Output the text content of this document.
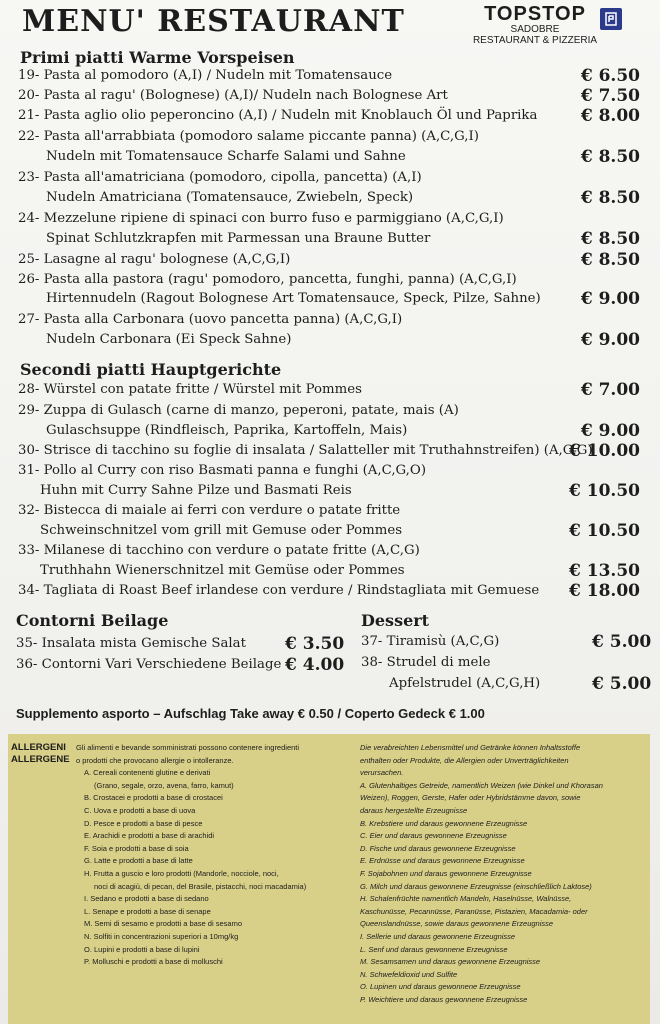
MENU' RESTAURANT	TOPSTOP
SADOBRE
RESTAURANT & PIZZERIA
Primi piatti Warme Vorspeisen
19- Pasta al pomodoro (A,I) / Nudeln mit Tomatensauce	€ 6.50
20- Pasta al ragu' (Bolognese) (A,I)/ Nudeln nach Bolognese Art	€ 7.50
21- Pasta aglio olio peperoncino (A,I) / Nudeln mit Knoblauch Öl und Paprika	€ 8.00
22- Pasta all'arrabbiata (pomodoro salame piccante panna) (A,C,G,I)
Nudeln mit Tomatensauce Scharfe Salami und Sahne	€ 8.50
23- Pasta all'amatriciana (pomodoro, cipolla, pancetta) (A,I)
Nudeln Amatriciana (Tomatensauce, Zwiebeln, Speck)	€ 8.50
24- Mezzelune ripiene di spinaci con burro fuso e parmiggiano (A,C,G,I)
Spinat Schlutzkrapfen mit Parmessan una Braune Butter	€ 8.50
25- Lasagne al ragu' bolognese (A,C,G,I)	€ 8.50
26- Pasta alla pastora (ragu' pomodoro, pancetta, funghi, panna) (A,C,G,I)
Hirtennudeln (Ragout Bolognese Art Tomatensauce, Speck, Pilze, Sahne) € 9.00
27- Pasta alla Carbonara (uovo pancetta panna) (A,C,G,I)
Nudeln Carbonara (Ei Speck Sahne)	€ 9.00
Secondi piatti Hauptgerichte
28- Würstel con patate fritte / Würstel mit Pommes	€ 7.00
29- Zuppa di Gulasch (carne di manzo, peperoni, patate, mais (A)
Gulaschsuppe (Rindfleisch, Paprika, Kartoffeln, Mais)	€ 9.00
30- Strisce di tacchino su foglie di insalata / Salatteller mit Truthahnstreifen) (A,C,G)
€ 10.00
31- Pollo al Curry con riso Basmati panna e funghi (A,C,G,O)
Huhn mit Curry Sahne Pilze und Basmati Reis	€ 10.50
32- Bistecca di maiale ai ferri con verdure o patate fritte
Schweinschnitzel vom grill mit Gemuse oder Pommes	€ 10.50
33- Milanese di tacchino con verdure o patate fritte (A,C,G)
Truthhahn Wienerschnitzel mit Gemüse oder Pommes	€ 13.50
34- Tagliata di Roast Beef irlandese con verdure / Rindstagliata mit Gemuese € 18.00
Contorni Beilage
35- Insalata mista Gemische Salat € 3.50
36- Contorni Vari Verschiedene Beilage € 4.00
Dessert
37- Tiramisù (A,C,G)	€ 5.00
38- Strudel di mele
Apfelstrudel (A,C,G,H)	€ 5.00
Supplemento asporto – Aufschlag Take away € 0.50 / Coperto Gedeck € 1.00
ALLERGENI
ALLERGENE
Gli alimenti e bevande somministrati possono contenere ingredienti
o prodotti che provocano allergie o intolleranze.
A. Cereali contenenti glutine e derivati
(Grano, segale, orzo, avena, farro, kamut)
B. Crostacei e prodotti a base di crostacei
C. Uova e prodotti a base di uova
D. Pesce e prodotti a base di pesce
E. Arachidi e prodotti a base di arachidi
F. Soia e prodotti a base di soia
G. Latte e prodotti a base di latte
H. Frutta a guscio e loro prodotti (Mandorle, nocciole, noci,
noci di acagiù, di pecan, del Brasile, pistacchi, noci macadamia)
I. Sedano e prodotti a base di sedano
L. Senape e prodotti a base di senape
M. Semi di sesamo e prodotti a base di sesamo
N. Solfiti in concentrazioni superiori a 10mg/kg
O. Lupini e prodotti a base di lupini
P. Molluschi e prodotti a base di molluschi
Die verabreichten Lebensmittel und Getränke können Inhaltsstoffe
enthalten oder Produkte, die Allergien oder Unverträglichkeiten
verursachen.
A. Glutenhaltiges Getreide, namentlich Weizen (wie Dinkel und Khorasan
Weizen), Roggen, Gerste, Hafer oder Hybridstämme davon, sowie
daraus hergestellte Erzeugnisse
B. Krebstiere und daraus gewonnene Erzeugnisse
C. Eier und daraus gewonnene Erzeugnisse
D. Fische und daraus gewonnene Erzeugnisse
E. Erdnüsse und daraus gewonnene Erzeugnisse
F. Sojabohnen und daraus gewonnene Erzeugnisse
G. Milch und daraus gewonnene Erzeugnisse (einschließlich Laktose)
H. Schalenfrüchte namentlich Mandeln, Haselnüsse, Walnüsse,
Kaschunüsse, Pecannüsse, Paranüsse, Pistazien, Macadamia- oder
Queenslandnüsse, sowie daraus gewonnene Erzeugnisse
I. Sellerie und daraus gewonnene Erzeugnisse
L. Senf und daraus gewonnene Erzeugnisse
M. Sesamsamen und daraus gewonnene Erzeugnisse
N. Schwefeldioxid und Sulfite
O. Lupinen und daraus gewonnene Erzeugnisse
P. Weichtiere und daraus gewonnene Erzeugnisse
